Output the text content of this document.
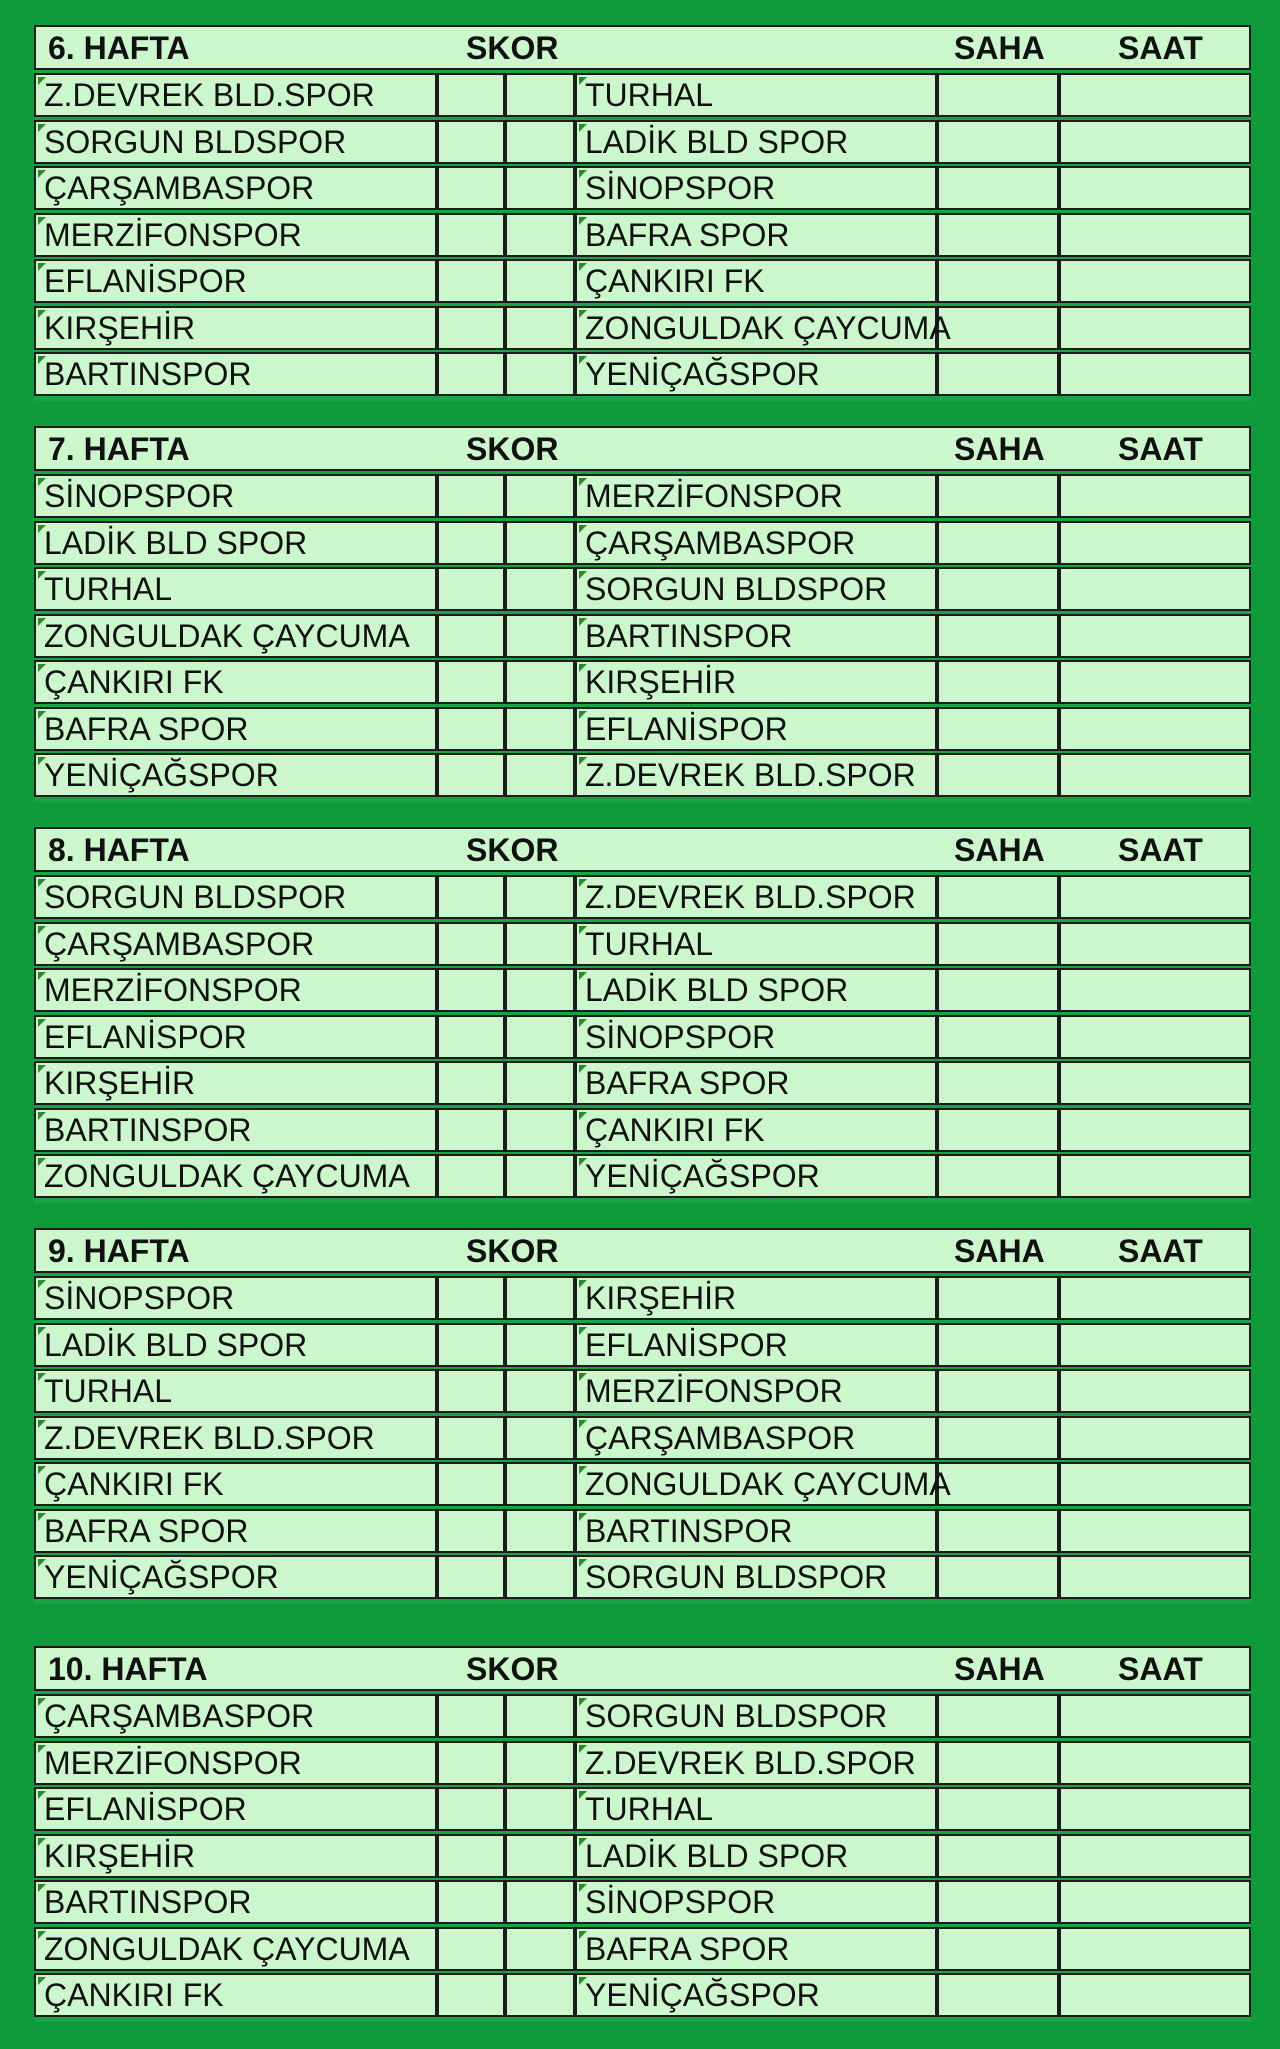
6. HAFTA	SKOR	SAHA SAAT
Z.DEVREK BLD.SPOR	TURHAL
SORGUN BLDSPOR	LADİK BLD SPOR
ÇARŞAMBASPOR	SİNOPSPOR
MERZİFONSPOR	BAFRA SPOR
EFLANİSPOR	ÇANKIRI FK
KIRŞEHİR	ZONGULDAK ÇAYCUMA
BARTINSPOR	YENİÇAĞSPOR
7. HAFTA	SKOR	SAHA SAAT
SİNOPSPOR	MERZİFONSPOR
LADİK BLD SPOR	ÇARŞAMBASPOR
TURHAL	SORGUN BLDSPOR
ZONGULDAK ÇAYCUMA	BARTINSPOR
ÇANKIRI FK	KIRŞEHİR
BAFRA SPOR	EFLANİSPOR
YENİÇAĞSPOR	Z.DEVREK BLD.SPOR
8. HAFTA	SKOR	SAHA SAAT
SORGUN BLDSPOR	Z.DEVREK BLD.SPOR
ÇARŞAMBASPOR	TURHAL
MERZİFONSPOR	LADİK BLD SPOR
EFLANİSPOR	SİNOPSPOR
KIRŞEHİR	BAFRA SPOR
BARTINSPOR	ÇANKIRI FK
ZONGULDAK ÇAYCUMA	YENİÇAĞSPOR
9. HAFTA	SKOR	SAHA SAAT
SİNOPSPOR	KIRŞEHİR
LADİK BLD SPOR	EFLANİSPOR
TURHAL	MERZİFONSPOR
Z.DEVREK BLD.SPOR	ÇARŞAMBASPOR
ÇANKIRI FK	ZONGULDAK ÇAYCUMA
BAFRA SPOR	BARTINSPOR
YENİÇAĞSPOR	SORGUN BLDSPOR
10. HAFTA	SKOR	SAHA SAAT
ÇARŞAMBASPOR	SORGUN BLDSPOR
MERZİFONSPOR	Z.DEVREK BLD.SPOR
EFLANİSPOR	TURHAL
KIRŞEHİR	LADİK BLD SPOR
BARTINSPOR	SİNOPSPOR
ZONGULDAK ÇAYCUMA	BAFRA SPOR
ÇANKIRI FK	YENİÇAĞSPOR
